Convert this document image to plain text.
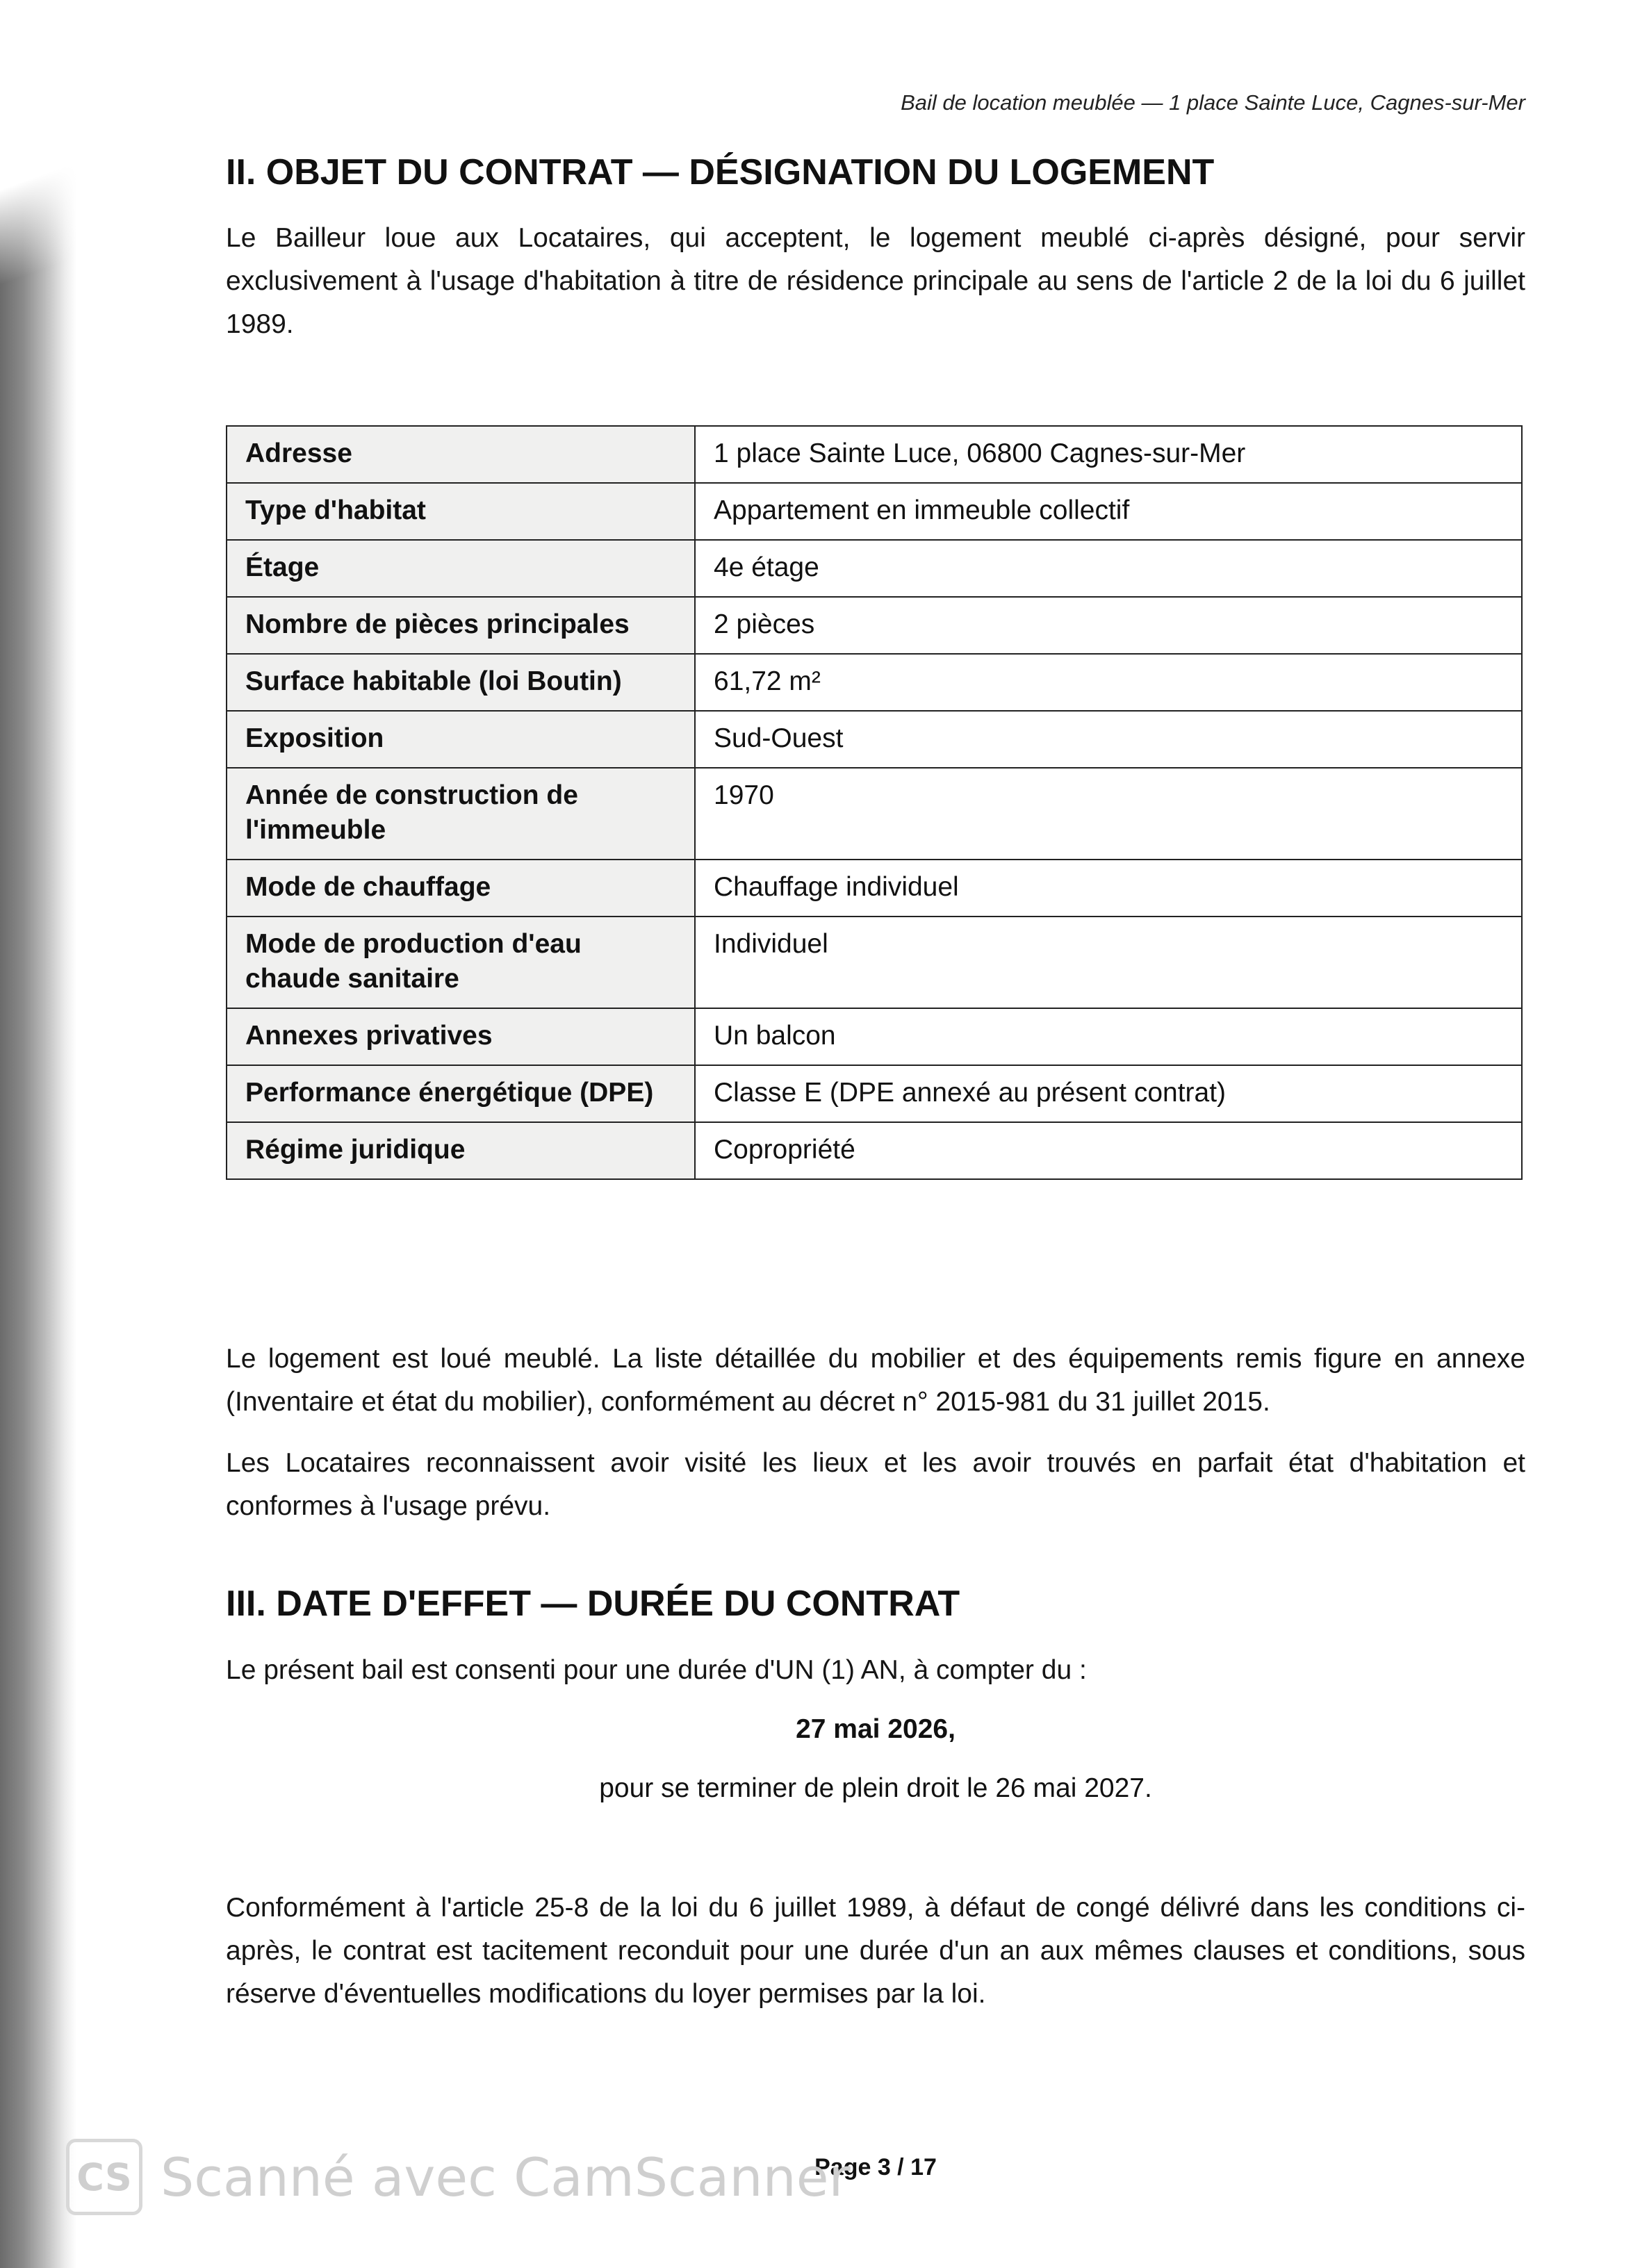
Bail de location meublée — 1 place Sainte Luce, Cagnes-sur-Mer
II. OBJET DU CONTRAT — DÉSIGNATION DU LOGEMENT
Le Bailleur loue aux Locataires, qui acceptent, le logement meublé ci-après désigné, pour servir exclusivement à l'usage d'habitation à titre de résidence principale au sens de l'article 2 de la loi du 6 juillet 1989.
Adresse	1 place Sainte Luce, 06800 Cagnes-sur-Mer
Type d'habitat	Appartement en immeuble collectif
Étage	4e étage
Nombre de pièces principales	2 pièces
Surface habitable (loi Boutin)	61,72 m²
Exposition	Sud-Ouest
Année de construction de l'immeuble	1970
Mode de chauffage	Chauffage individuel
Mode de production d'eau chaude sanitaire	Individuel
Annexes privatives	Un balcon
Performance énergétique (DPE)	Classe E (DPE annexé au présent contrat)
Régime juridique	Copropriété
Le logement est loué meublé. La liste détaillée du mobilier et des équipements remis figure en annexe (Inventaire et état du mobilier), conformément au décret n° 2015-981 du 31 juillet 2015.
Les Locataires reconnaissent avoir visité les lieux et les avoir trouvés en parfait état d'habitation et conformes à l'usage prévu.
III. DATE D'EFFET — DURÉE DU CONTRAT
Le présent bail est consenti pour une durée d'UN (1) AN, à compter du :
27 mai 2026,
pour se terminer de plein droit le 26 mai 2027.
Conformément à l'article 25-8 de la loi du 6 juillet 1989, à défaut de congé délivré dans les conditions ci-après, le contrat est tacitement reconduit pour une durée d'un an aux mêmes clauses et conditions, sous réserve d'éventuelles modifications du loyer permises par la loi.
Page 3 / 17
CS Scanné avec CamScanner
